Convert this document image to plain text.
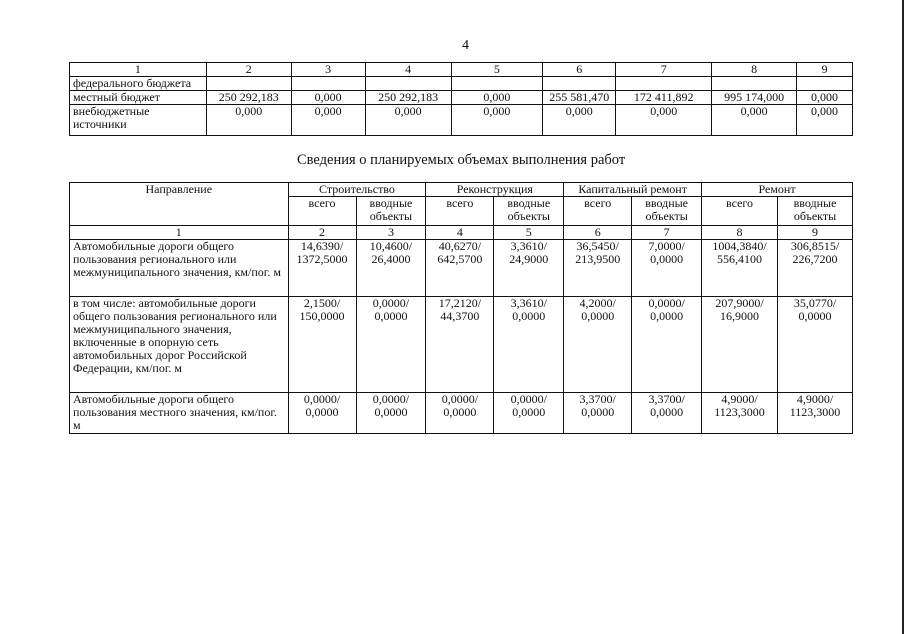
4
1	2	3	4	5	6	7	8	9
федерального бюджета								
местный бюджет	250 292,183	0,000	250 292,183	0,000	255 581,470	172 411,892	995 174,000	0,000
внебюджетные источники	0,000	0,000	0,000	0,000	0,000	0,000	0,000	0,000
Сведения о планируемых объемах выполнения работ
Направление	Строительство		Реконструкция		Капитальный ремонт		Ремонт	
	всего	вводные объекты	всего	вводные объекты	всего	вводные объекты	всего	вводные объекты
1	2	3	4	5	6	7	8	9
Автомобильные дороги общего пользования регионального или межмуниципального значения, км/пог. м	14,6390/ 1372,5000	10,4600/ 26,4000	40,6270/ 642,5700	3,3610/ 24,9000	36,5450/ 213,9500	7,0000/ 0,0000	1004,3840/ 556,4100	306,8515/ 226,7200
в том числе: автомобильные дороги общего пользования регионального или межмуниципального значения, включенные в опорную сеть автомобильных дорог Российской Федерации, км/пог. м	2,1500/ 150,0000	0,0000/ 0,0000	17,2120/ 44,3700	3,3610/ 0,0000	4,2000/ 0,0000	0,0000/ 0,0000	207,9000/ 16,9000	35,0770/ 0,0000
Автомобильные дороги общего пользования местного значения, км/пог. м	0,0000/ 0,0000	0,0000/ 0,0000	0,0000/ 0,0000	0,0000/ 0,0000	3,3700/ 0,0000	3,3700/ 0,0000	4,9000/ 1123,3000	4,9000/ 1123,3000
